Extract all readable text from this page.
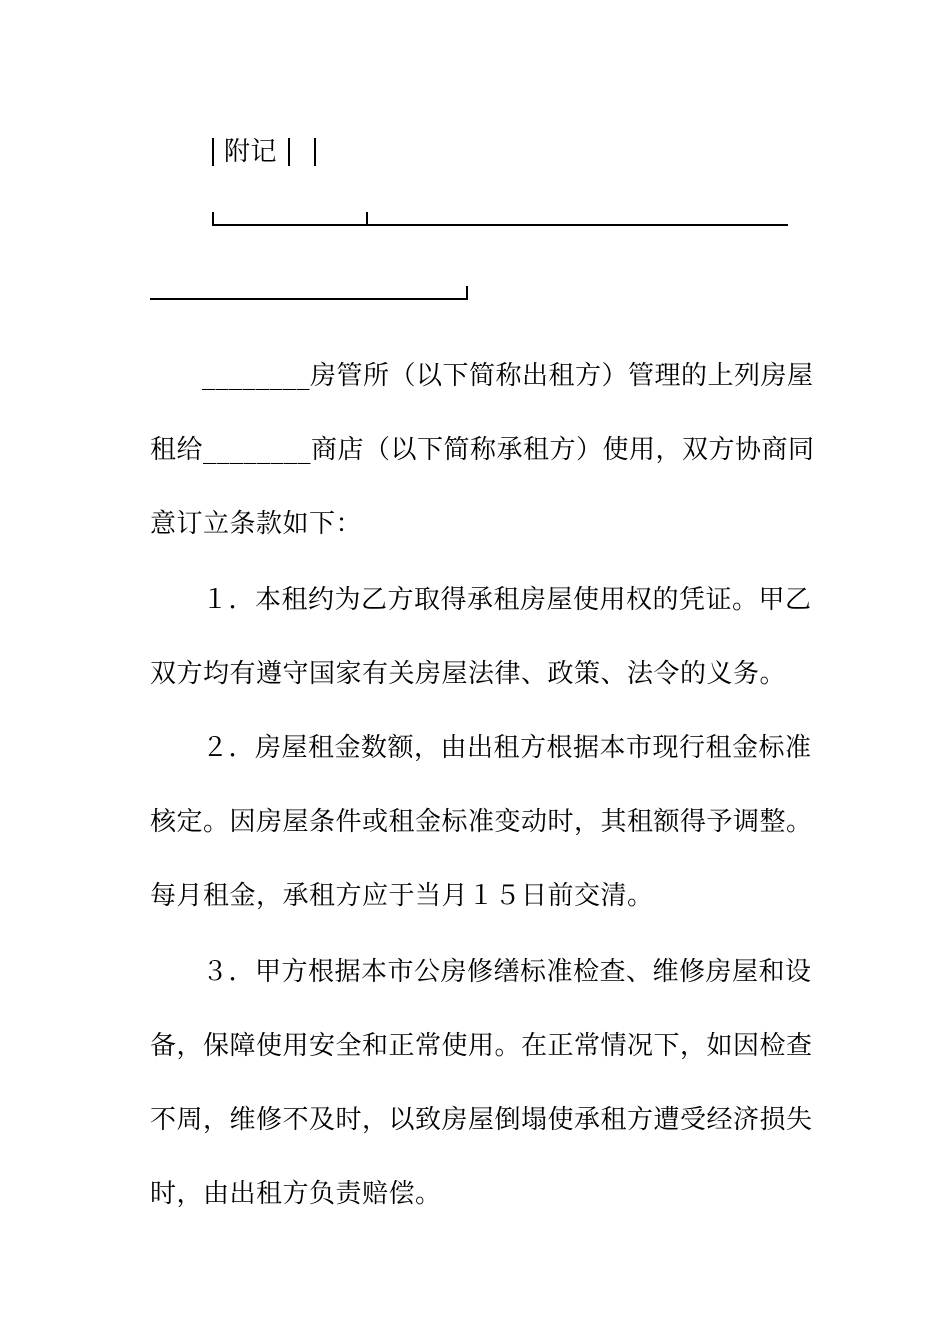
附记
________房管所（以下简称出租方）管理的上列房屋
租给________商店（以下简称承租方）使用，双方协商同
意订立条款如下：
１．本租约为乙方取得承租房屋使用权的凭证。甲乙
双方均有遵守国家有关房屋法律、政策、法令的义务。
２．房屋租金数额，由出租方根据本市现行租金标准
核定。因房屋条件或租金标准变动时，其租额得予调整。
每月租金，承租方应于当月１５日前交清。
３．甲方根据本市公房修缮标准检查、维修房屋和设
备，保障使用安全和正常使用。在正常情况下，如因检查
不周，维修不及时，以致房屋倒塌使承租方遭受经济损失
时，由出租方负责赔偿。
